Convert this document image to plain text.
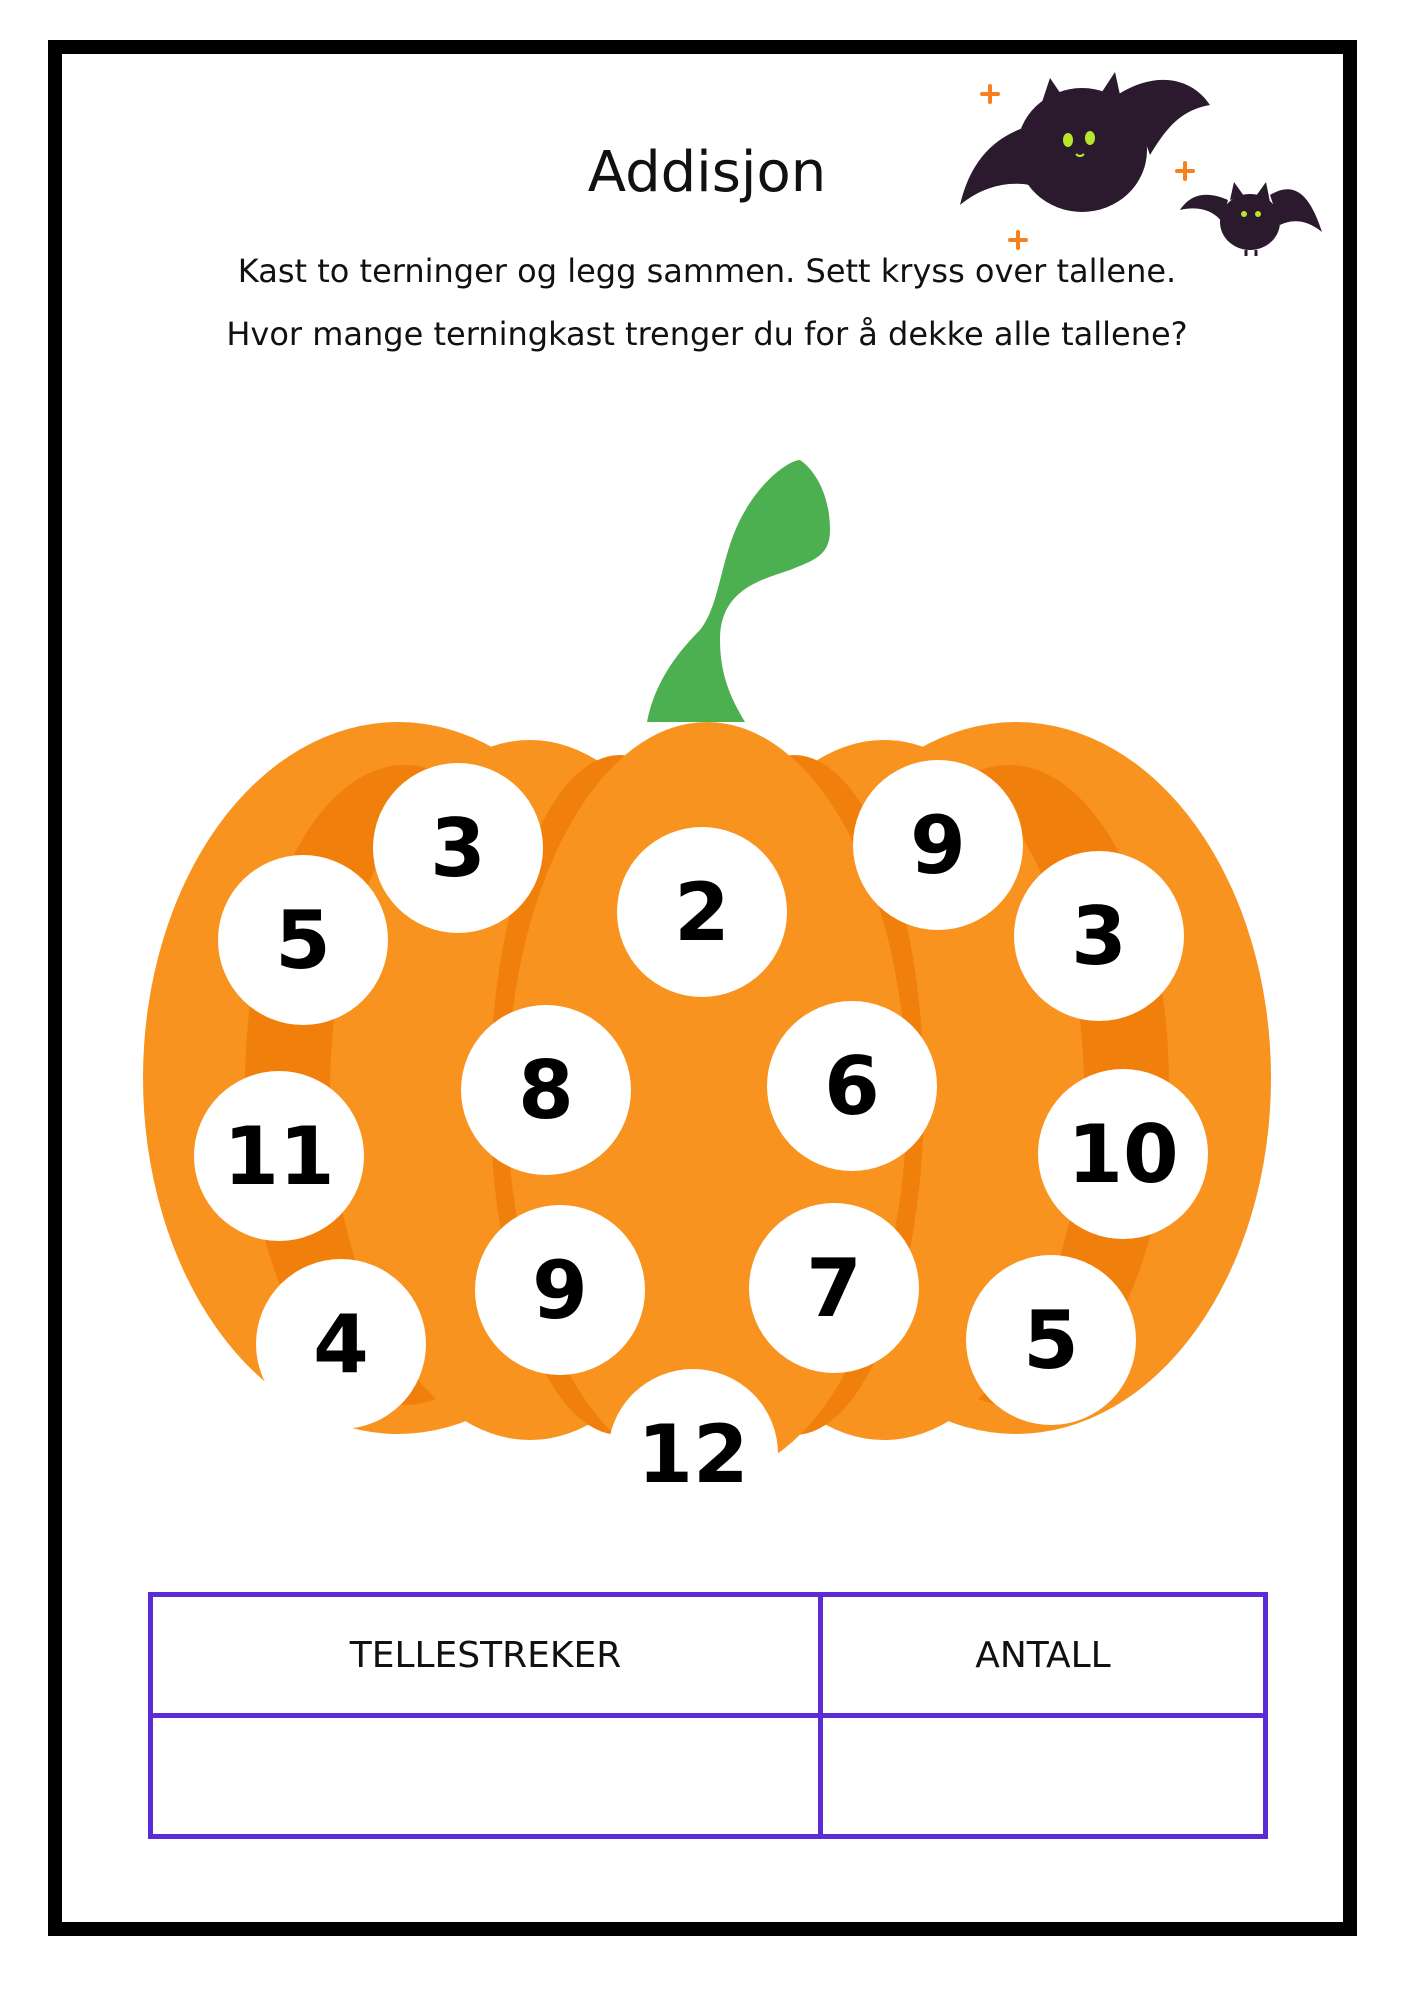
Addisjon
Kast to terninger og legg sammen. Sett kryss over tallene.
Hvor mange terningkast trenger du for å dekke alle tallene?
3
5	2
9
3
8	6
11	10
9	7
4	5
12
TELLESTREKER	ANTALL
